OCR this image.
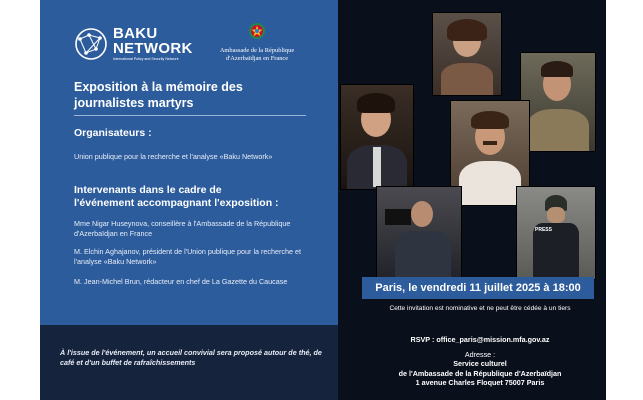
PRESS
BAKU
NETWORK
International Policy and Security Network
Ambassade de la République
d'Azerbaïdjan en France
Exposition à la mémoire des
journalistes martyrs
Organisateurs :
Union publique pour la recherche et l'analyse «Baku Network»
Intervenants dans le cadre de
l'événement accompagnant l'exposition :
Mme Nigar Huseynova, conseillère à l'Ambassade de la République d'Azerbaïdjan en France
M. Elchin Aghajanov, président de l'Union publique pour la recherche et l'analyse «Baku Network»
M. Jean-Michel Brun, rédacteur en chef de La Gazette du Caucase
À l'issue de l'événement, un accueil convivial sera proposé autour de thé, de café et d'un buffet de rafraîchissements
Paris, le vendredi 11 juillet 2025 à 18:00
Cette invitation est nominative et ne peut être cédée à un tiers
RSVP : office_paris@mission.mfa.gov.az
Adresse :
Service culturel
de l'Ambassade de la République d'Azerbaïdjan
1 avenue Charles Floquet 75007 Paris
